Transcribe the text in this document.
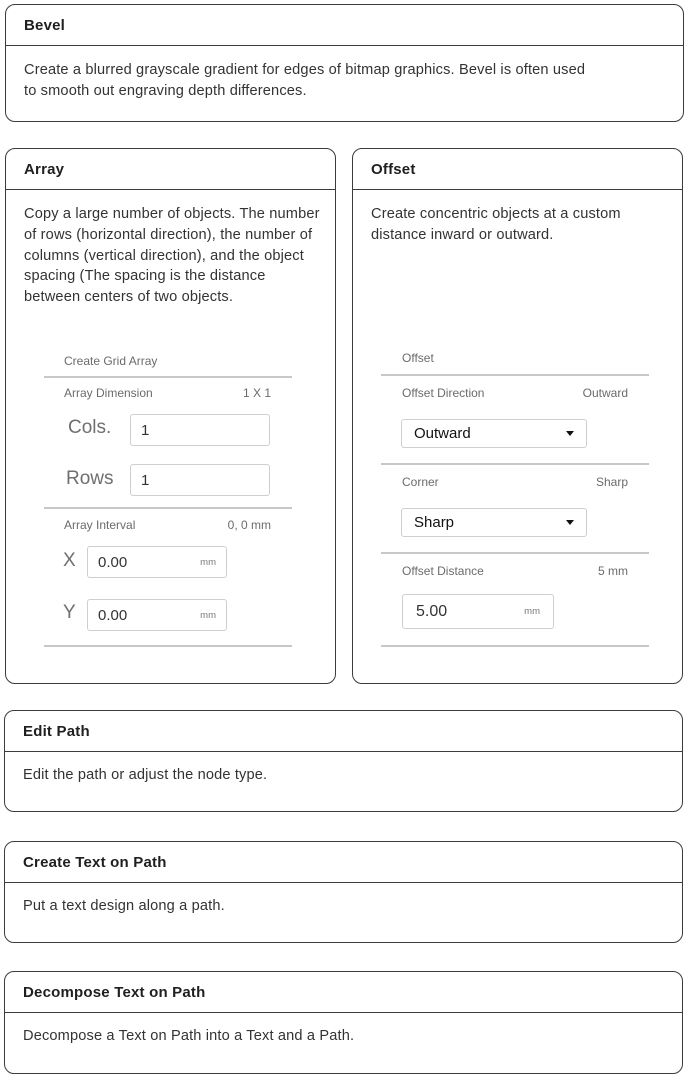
Bevel
Create a blurred grayscale gradient for edges of bitmap graphics. Bevel is often used to smooth out engraving depth differences.
Array
Copy a large number of objects. The number of rows (horizontal direction), the number of columns (vertical direction), and the object spacing (The spacing is the distance between centers of two objects.
Create Grid Array
Array Dimension	1 X 1
Cols. 1
Rows 1
Array Interval	0, 0 mm
X 0.00	mm
Y 0.00	mm
Offset
Create concentric objects at a custom distance inward or outward.
Offset
Offset Direction	Outward
Outward
Corner	Sharp
Sharp
Offset Distance	5 mm
5.00	mm
Edit Path
Edit the path or adjust the node type.
Create Text on Path
Put a text design along a path.
Decompose Text on Path
Decompose a Text on Path into a Text and a Path.
